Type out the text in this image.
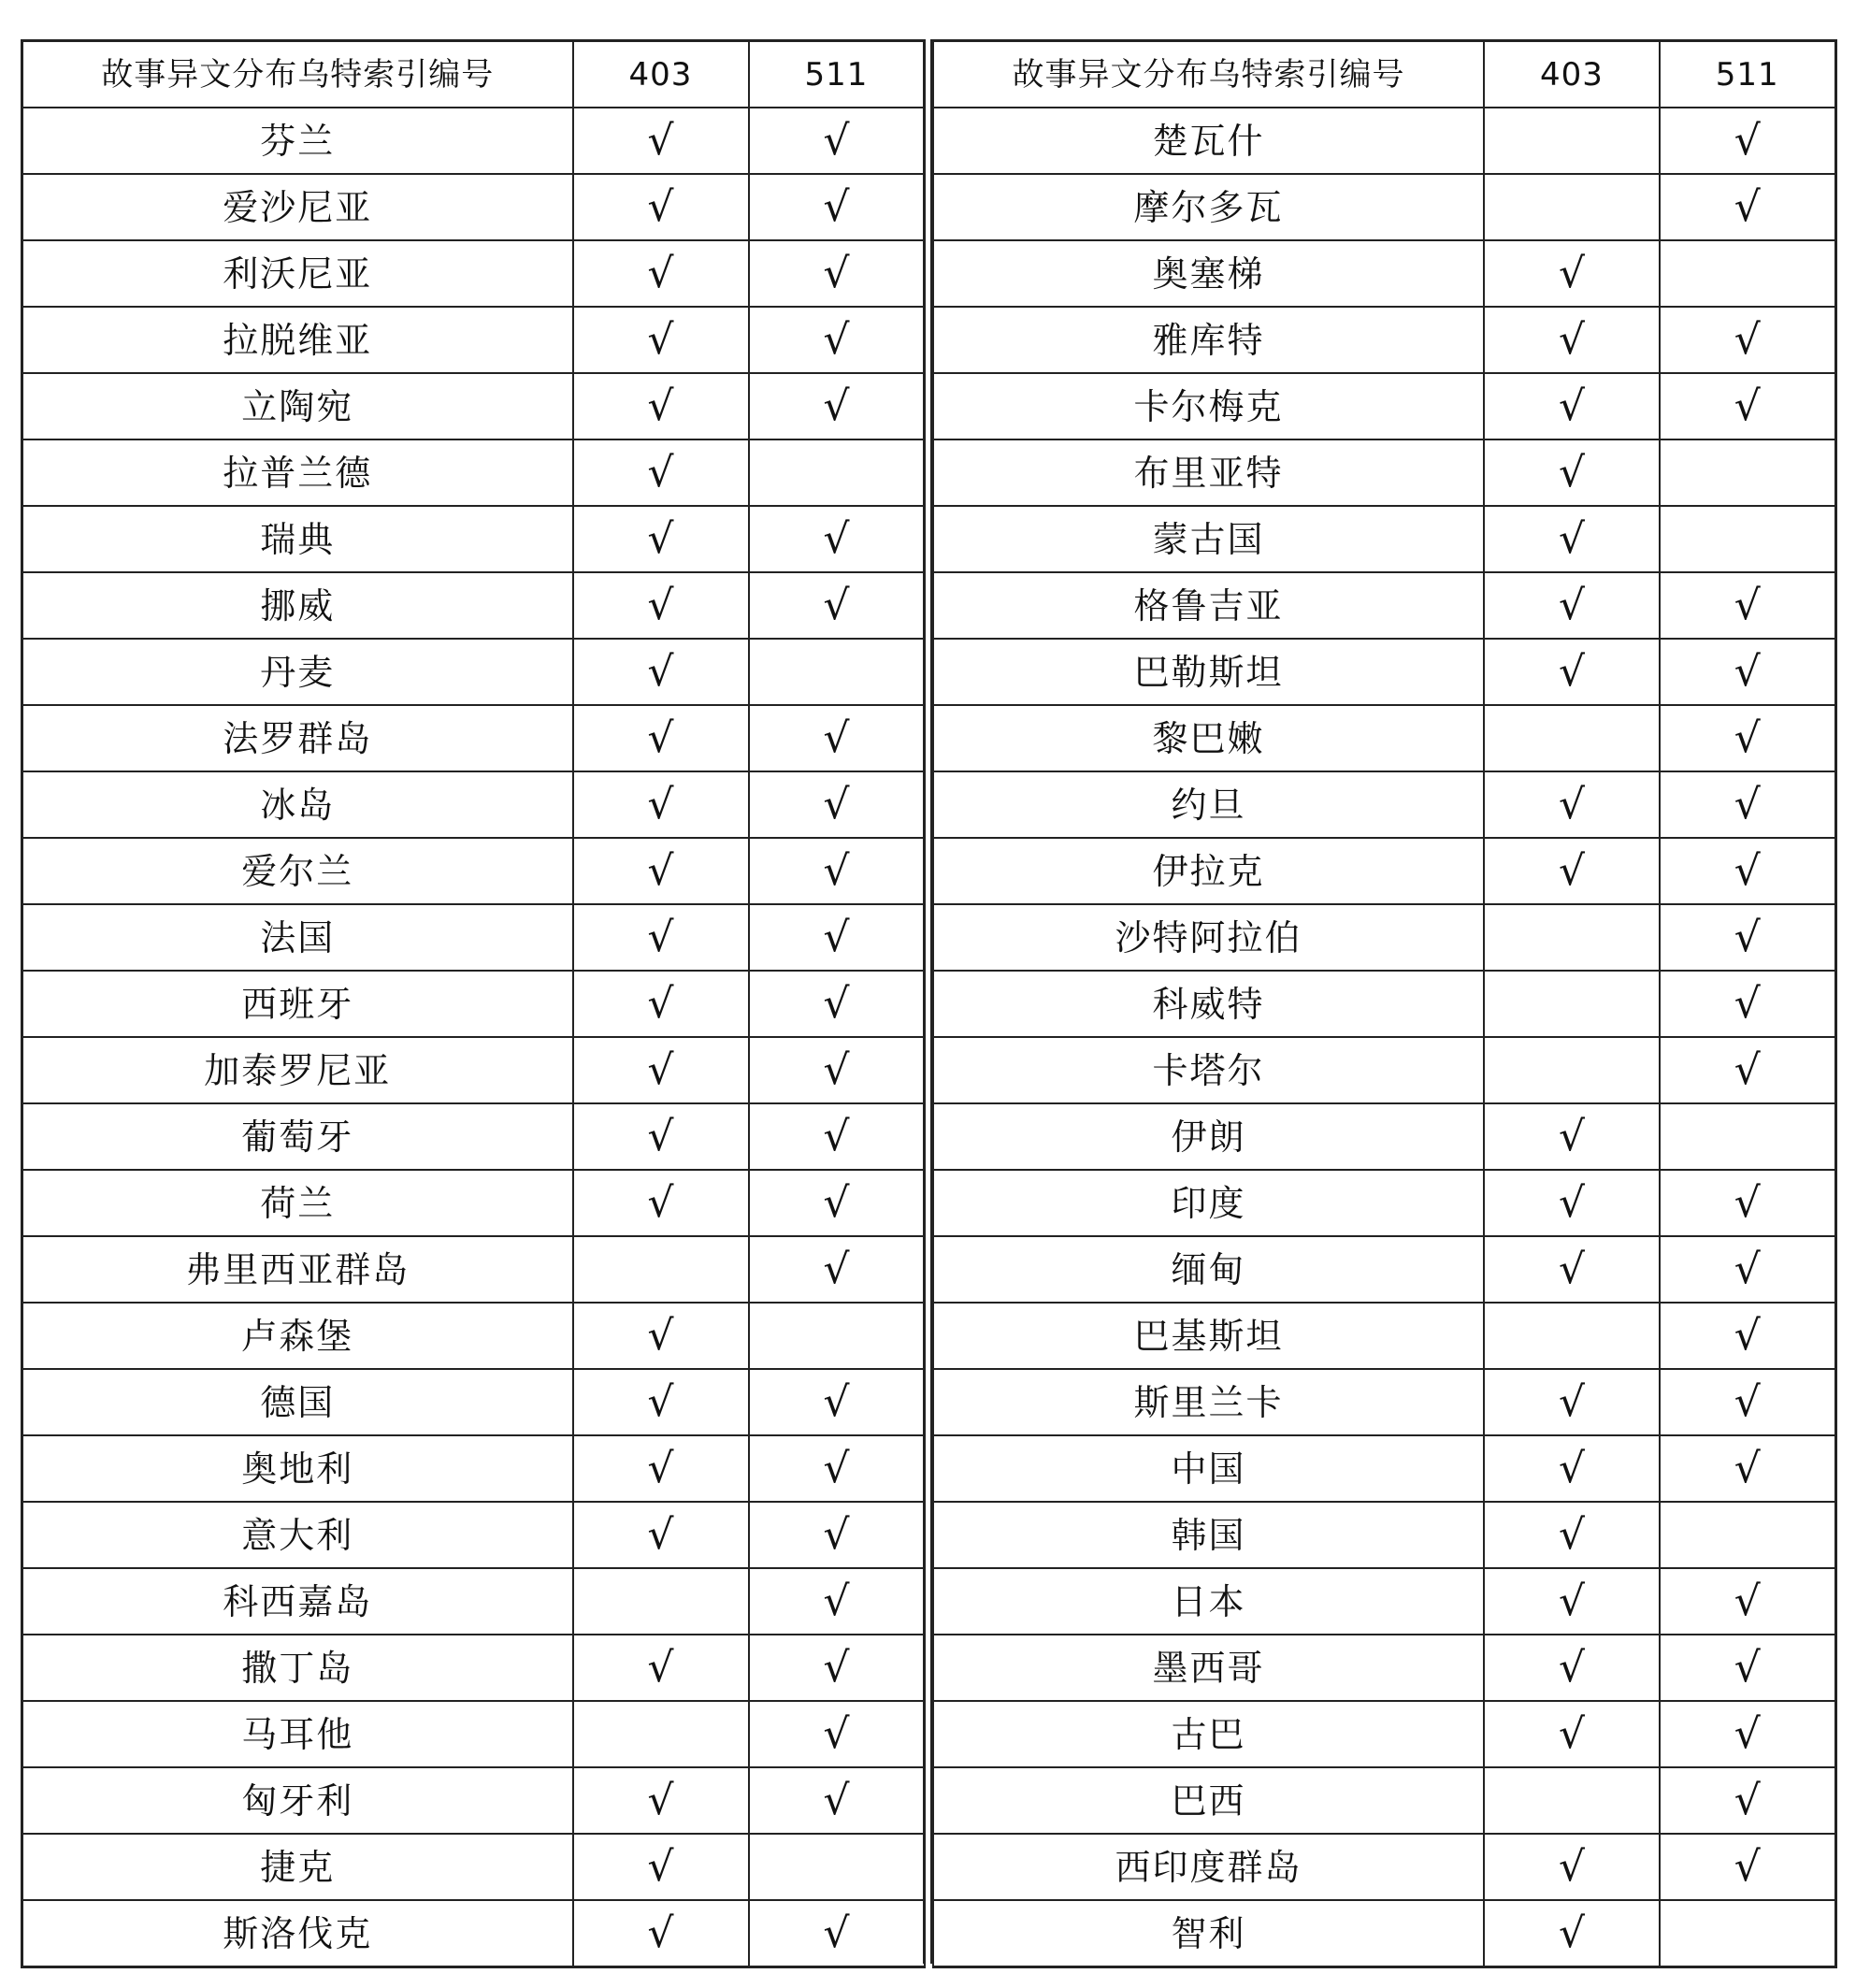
故事异文分布乌特索引编号	403	511
芬兰	√	√
爱沙尼亚	√	√
利沃尼亚	√	√
拉脱维亚	√	√
立陶宛	√	√
拉普兰德	√	
瑞典	√	√
挪威	√	√
丹麦	√	
法罗群岛	√	√
冰岛	√	√
爱尔兰	√	√
法国	√	√
西班牙	√	√
加泰罗尼亚	√	√
葡萄牙	√	√
荷兰	√	√
弗里西亚群岛		√
卢森堡	√	
德国	√	√
奥地利	√	√
意大利	√	√
科西嘉岛		√
撒丁岛	√	√
马耳他		√
匈牙利	√	√
捷克	√	
斯洛伐克	√	√
故事异文分布乌特索引编号	403	511
楚瓦什		√
摩尔多瓦		√
奥塞梯	√	
雅库特	√	√
卡尔梅克	√	√
布里亚特	√	
蒙古国	√	
格鲁吉亚	√	√
巴勒斯坦	√	√
黎巴嫩		√
约旦	√	√
伊拉克	√	√
沙特阿拉伯		√
科威特		√
卡塔尔		√
伊朗	√	
印度	√	√
缅甸	√	√
巴基斯坦		√
斯里兰卡	√	√
中国	√	√
韩国	√	
日本	√	√
墨西哥	√	√
古巴	√	√
巴西		√
西印度群岛	√	√
智利	√	
